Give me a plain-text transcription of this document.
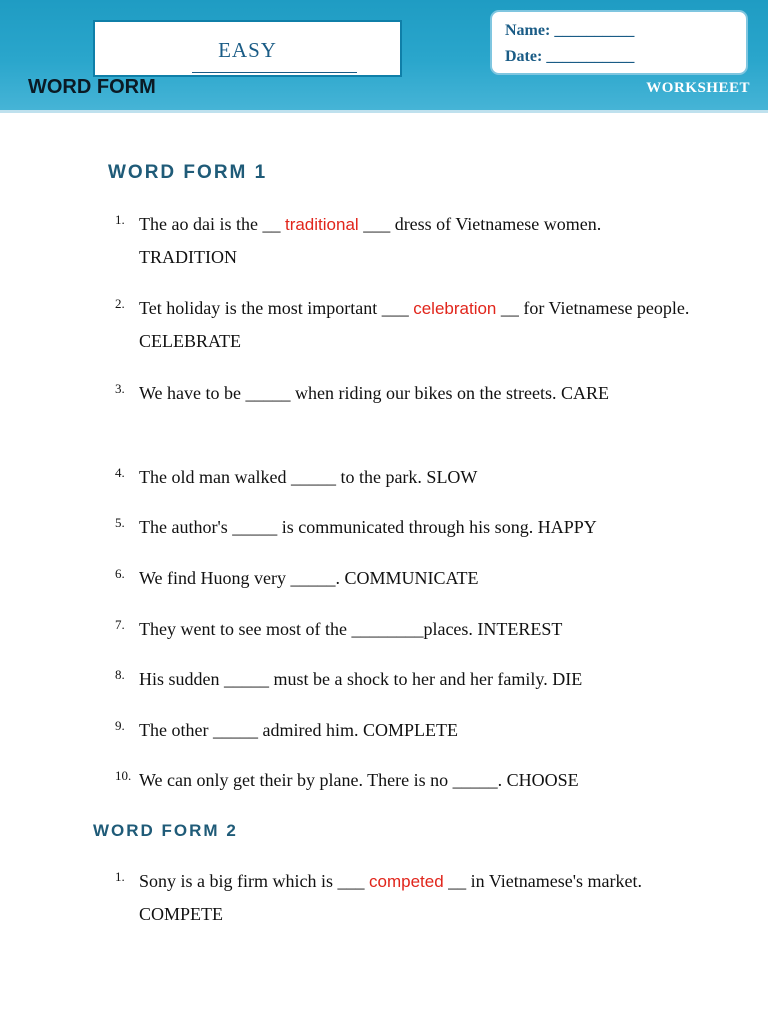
EASY
Name: __________
Date: ___________
WORD FORM	WORKSHEET
WORD FORM 1
1. The ao dai is the __ traditional ___ dress of Vietnamese women. TRADITION
2. Tet holiday is the most important ___ celebration __ for Vietnamese people. CELEBRATE
3. We have to be _____ when riding our bikes on the streets. CARE
4. The old man walked _____ to the park. SLOW
5. The author's _____ is communicated through his song. HAPPY
6. We find Huong very _____. COMMUNICATE
7. They went to see most of the ________places. INTEREST
8. His sudden _____ must be a shock to her and her family. DIE
9. The other _____ admired him. COMPLETE
10. We can only get their by plane. There is no _____. CHOOSE
WORD FORM 2
1. Sony is a big firm which is ___ competed __ in Vietnamese's market. COMPETE
